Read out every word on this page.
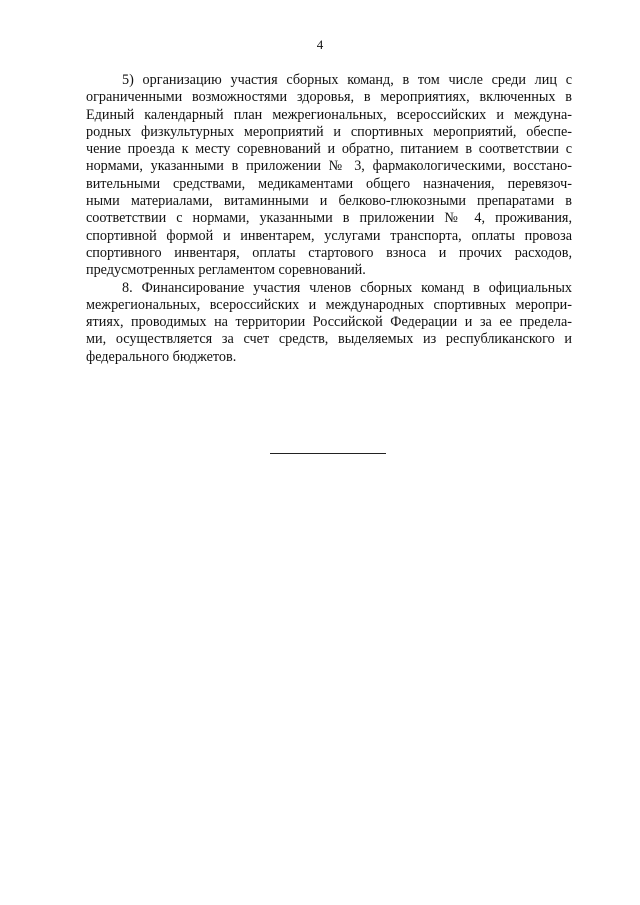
4
5) организацию участия сборных команд, в том числе среди лиц с
ограниченными возможностями здоровья, в мероприятиях, включенных в
Единый календарный план межрегиональных, всероссийских и междуна-
родных физкультурных мероприятий и спортивных мероприятий, обеспе-
чение проезда к месту соревнований и обратно, питанием в соответствии с
нормами, указанными в приложении № 3, фармакологическими, восстано-
вительными средствами, медикаментами общего назначения, перевязоч-
ными материалами, витаминными и белково-глюкозными препаратами в
соответствии с нормами, указанными в приложении № 4, проживания,
спортивной формой и инвентарем, услугами транспорта, оплаты провоза
спортивного инвентаря, оплаты стартового взноса и прочих расходов,
предусмотренных регламентом соревнований.
8. Финансирование участия членов сборных команд в официальных
межрегиональных, всероссийских и международных спортивных меропри-
ятиях, проводимых на территории Российской Федерации и за ее предела-
ми, осуществляется за счет средств, выделяемых из республиканского и
федерального бюджетов.
